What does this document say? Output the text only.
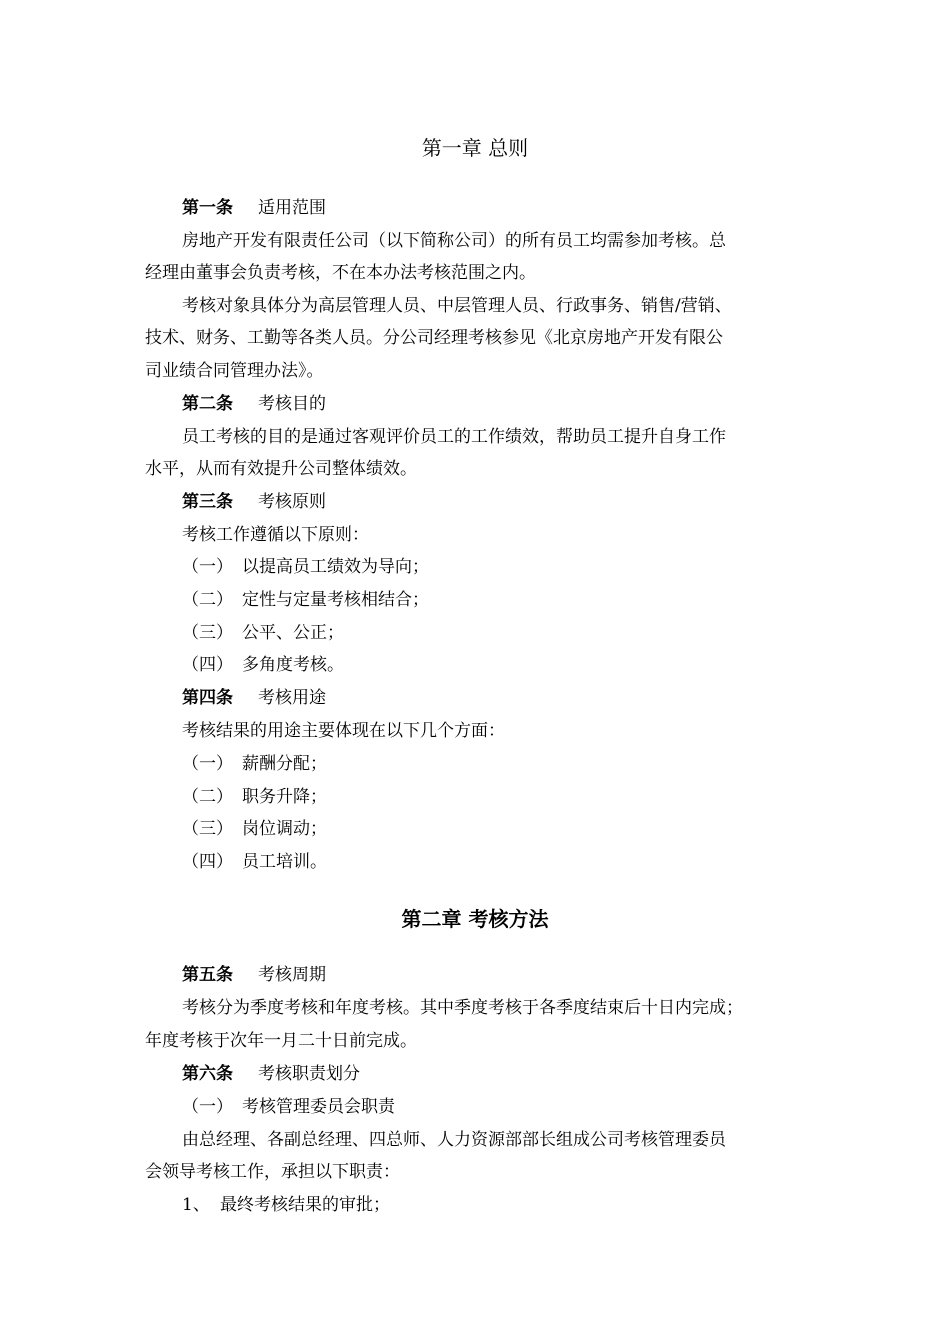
第一章 总则
第一条 适用范围
房地产开发有限责任公司（以下简称公司）的所有员工均需参加考核。总
经理由董事会负责考核，不在本办法考核范围之内。
考核对象具体分为高层管理人员、中层管理人员、行政事务、销售/营销、
技术、财务、工勤等各类人员。分公司经理考核参见《北京房地产开发有限公
司业绩合同管理办法》。
第二条 考核目的
员工考核的目的是通过客观评价员工的工作绩效，帮助员工提升自身工作
水平，从而有效提升公司整体绩效。
第三条 考核原则
考核工作遵循以下原则：
（一） 以提高员工绩效为导向；
（二） 定性与定量考核相结合；
（三） 公平、公正；
（四） 多角度考核。
第四条 考核用途
考核结果的用途主要体现在以下几个方面：
（一） 薪酬分配；
（二） 职务升降；
（三） 岗位调动；
（四） 员工培训。
第二章 考核方法
第五条 考核周期
考核分为季度考核和年度考核。其中季度考核于各季度结束后十日内完成；
年度考核于次年一月二十日前完成。
第六条 考核职责划分
（一） 考核管理委员会职责
由总经理、各副总经理、四总师、人力资源部部长组成公司考核管理委员
会领导考核工作，承担以下职责：
1、 最终考核结果的审批；
